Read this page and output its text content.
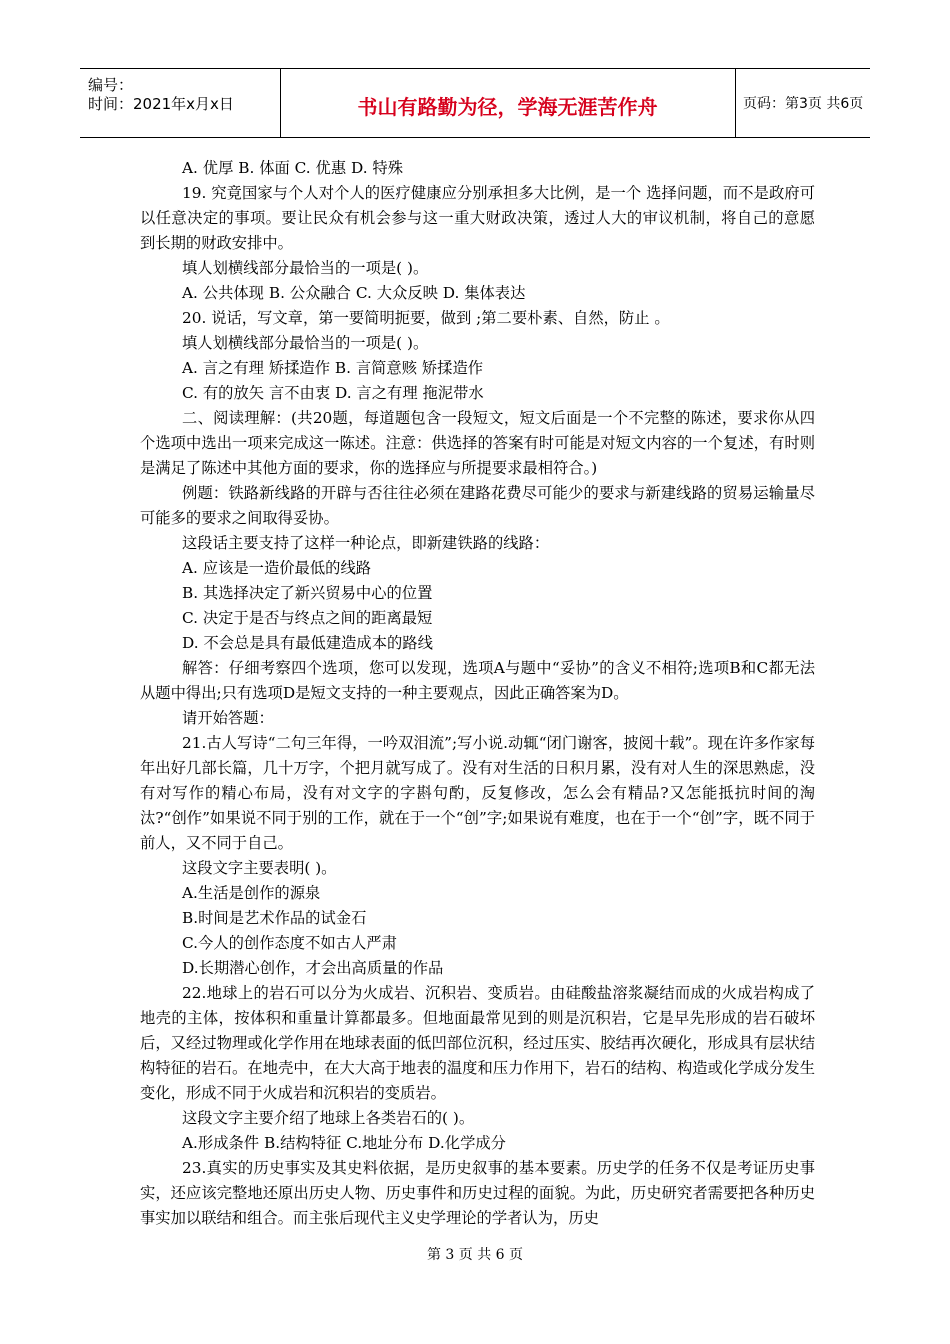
编号：
时间：2021年x月x日	书山有路勤为径，学海无涯苦作舟	页码：第3页 共6页

A. 优厚 B. 体面 C. 优惠 D. 特殊

19. 究竟国家与个人对个人的医疗健康应分别承担多大比例，是一个 选择问题，而不是政府可以任意决定的事项。要让民众有机会参与这一重大财政决策，透过人大的审议机制，将自己的意愿 到长期的财政安排中。

填人划横线部分最恰当的一项是( )。

A. 公共体现 B. 公众融合 C. 大众反映 D. 集体表达

20. 说话，写文章，第一要简明扼要，做到 ;第二要朴素、自然，防止 。

填人划横线部分最恰当的一项是( )。

A. 言之有理 矫揉造作 B. 言简意赅 矫揉造作

C. 有的放矢 言不由衷 D. 言之有理 拖泥带水

二、阅读理解：(共20题，每道题包含一段短文，短文后面是一个不完整的陈述，要求你从四个选项中选出一项来完成这一陈述。注意：供选择的答案有时可能是对短文内容的一个复述，有时则是满足了陈述中其他方面的要求，你的选择应与所提要求最相符合。)

例题：铁路新线路的开辟与否往往必须在建路花费尽可能少的要求与新建线路的贸易运输量尽可能多的要求之间取得妥协。

这段话主要支持了这样一种论点，即新建铁路的线路：

A. 应该是一造价最低的线路

B. 其选择决定了新兴贸易中心的位置

C. 决定于是否与终点之间的距离最短

D. 不会总是具有最低建造成本的路线

解答：仔细考察四个选项，您可以发现，选项A与题中“妥协”的含义不相符;选项B和C都无法从题中得出;只有选项D是短文支持的一种主要观点，因此正确答案为D。

请开始答题：

21.古人写诗“二句三年得，一吟双泪流”;写小说.动辄“闭门谢客，披阅十载”。现在许多作家每年出好几部长篇，几十万字，个把月就写成了。没有对生活的日积月累，没有对人生的深思熟虑，没有对写作的精心布局，没有对文字的字斟句酌，反复修改，怎么会有精品?又怎能抵抗时间的淘汰?“创作”如果说不同于别的工作，就在于一个“创”字;如果说有难度，也在于一个“创”字，既不同于前人，又不同于自己。

这段文字主要表明( )。

A.生活是创作的源泉

B.时间是艺术作品的试金石

C.今人的创作态度不如古人严肃

D.长期潜心创作，才会出高质量的作品

22.地球上的岩石可以分为火成岩、沉积岩、变质岩。由硅酸盐溶浆凝结而成的火成岩构成了地壳的主体，按体积和重量计算都最多。但地面最常见到的则是沉积岩，它是早先形成的岩石破坏后，又经过物理或化学作用在地球表面的低凹部位沉积，经过压实、胶结再次硬化，形成具有层状结构特征的岩石。在地壳中，在大大高于地表的温度和压力作用下，岩石的结构、构造或化学成分发生变化，形成不同于火成岩和沉积岩的变质岩。

这段文字主要介绍了地球上各类岩石的( )。

A.形成条件 B.结构特征 C.地址分布 D.化学成分

23.真实的历史事实及其史料依据，是历史叙事的基本要素。历史学的任务不仅是考证历史事实，还应该完整地还原出历史人物、历史事件和历史过程的面貌。为此，历史研究者需要把各种历史事实加以联结和组合。而主张后现代主义史学理论的学者认为，历史

第 3 页 共 6 页
